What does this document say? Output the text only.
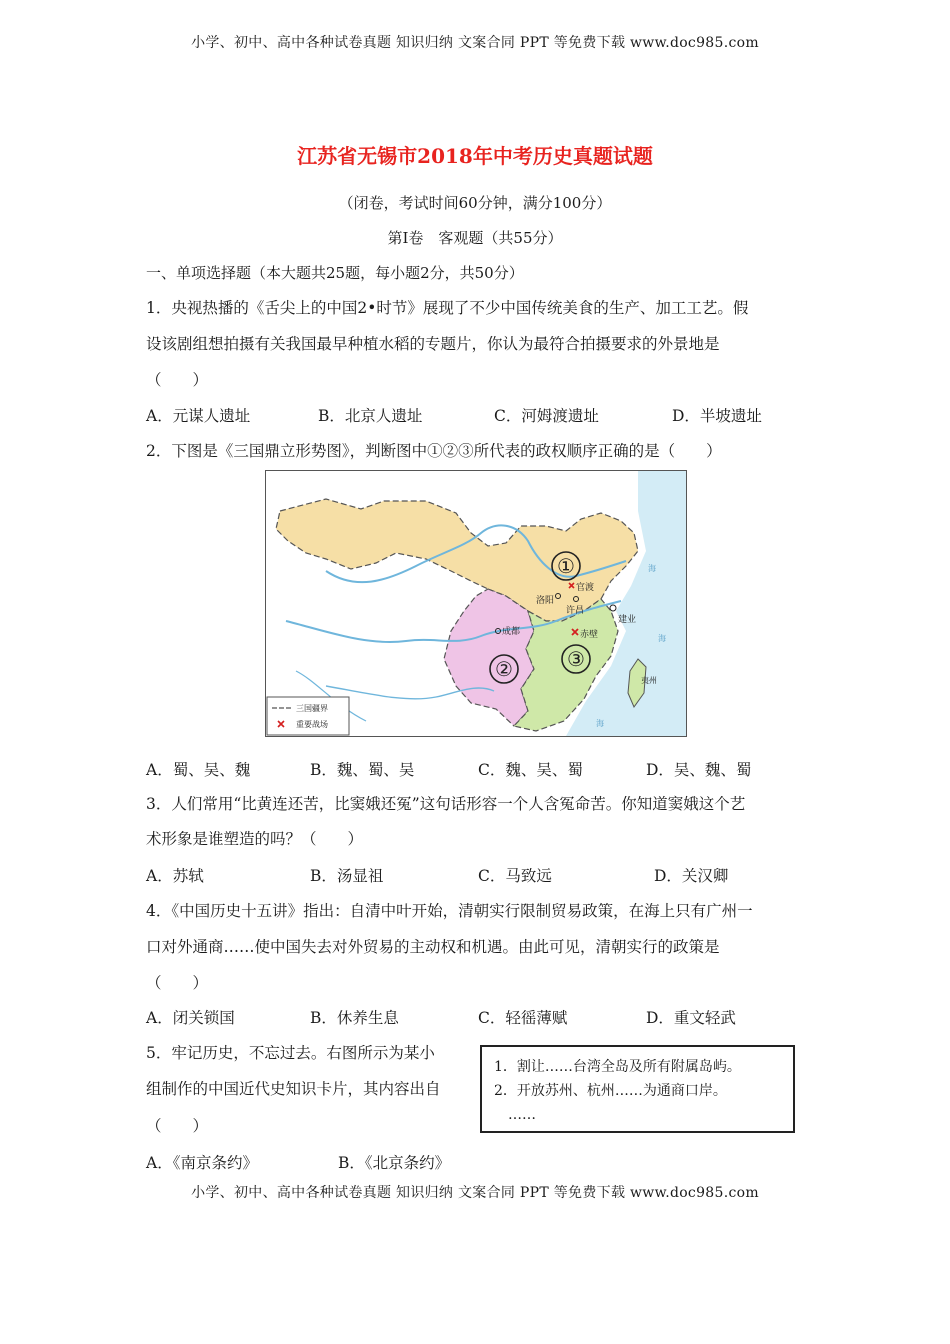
小学、初中、高中各种试卷真题 知识归纳 文案合同 PPT 等免费下载 www.doc985.com
江苏省无锡市2018年中考历史真题试题
（闭卷，考试时间60分钟，满分100分）
第Ⅰ卷　客观题（共55分）
一、单项选择题（本大题共25题，每小题2分，共50分）
1．央视热播的《舌尖上的中国2•时节》展现了不少中国传统美食的生产、加工工艺。假
设该剧组想拍摄有关我国最早种植水稻的专题片，你认为最符合拍摄要求的外景地是
（　　）
A．元谋人遗址	B．北京人遗址	C．河姆渡遗址	D．半坡遗址
2．下图是《三国鼎立形势图》，判断图中①②③所代表的政权顺序正确的是（　　）
①
②	③
洛阳
许昌
官渡
成都
建业
赤壁
海
海
海
夷州
三国疆界
重要战场
A．蜀、吴、魏	B．魏、蜀、吴	C．魏、吴、蜀	D．吴、魏、蜀
3．人们常用“比黄连还苦，比窦娥还冤”这句话形容一个人含冤命苦。你知道窦娥这个艺
术形象是谁塑造的吗？（　　）
A．苏轼	B．汤显祖	C．马致远	D．关汉卿
4．《中国历史十五讲》指出：自清中叶开始，清朝实行限制贸易政策，在海上只有广州一
口对外通商……使中国失去对外贸易的主动权和机遇。由此可见，清朝实行的政策是
（　　）
A．闭关锁国	B．休养生息	C．轻徭薄赋	D．重文轻武
5．牢记历史，不忘过去。右图所示为某小
组制作的中国近代史知识卡片，其内容出自
（　　）
1．割让……台湾全岛及所有附属岛屿。
2．开放苏州、杭州……为通商口岸。
……
A．《南京条约》	B．《北京条约》
小学、初中、高中各种试卷真题 知识归纳 文案合同 PPT 等免费下载 www.doc985.com
